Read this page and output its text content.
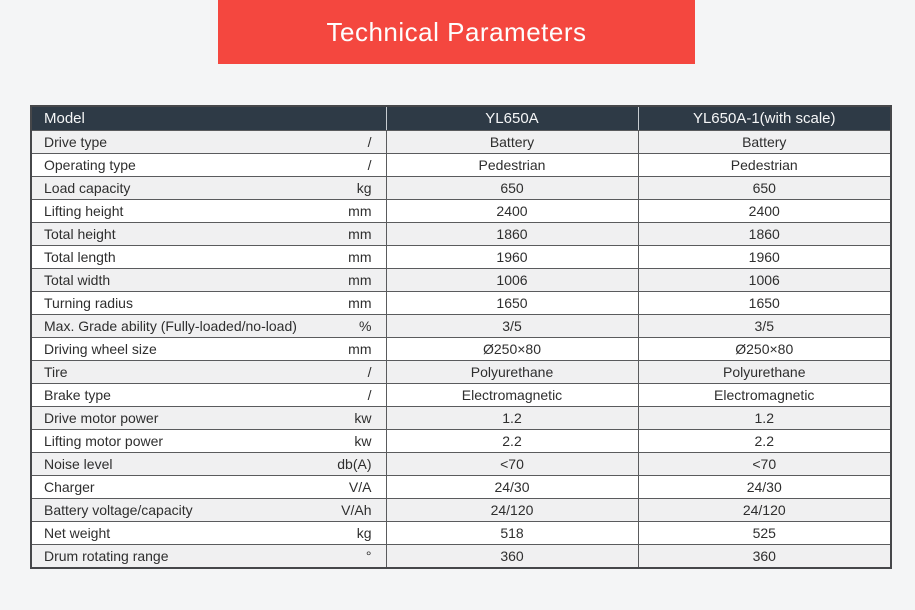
Technical Parameters
Model	YL650A	YL650A-1(with scale)

Drive type /	Battery	Battery

Operating type /	Pedestrian	Pedestrian

Load capacity kg	650	650

Lifting height mm	2400	2400

Total height mm	1860	1860

Total length mm	1960	1960

Total width mm	1006	1006

Turning radius mm	1650	1650

Max. Grade ability (Fully-loaded/no-load) %	3/5	3/5

Driving wheel size mm	Ø250×80	Ø250×80

Tire /	Polyurethane	Polyurethane

Brake type /	Electromagnetic	Electromagnetic

Drive motor power kw	1.2	1.2

Lifting motor power kw	2.2	2.2

Noise level db(A)	<70	<70

Charger V/A	24/30	24/30

Battery voltage/capacity V/Ah	24/120	24/120

Net weight kg	518	525

Drum rotating range °	360	360
